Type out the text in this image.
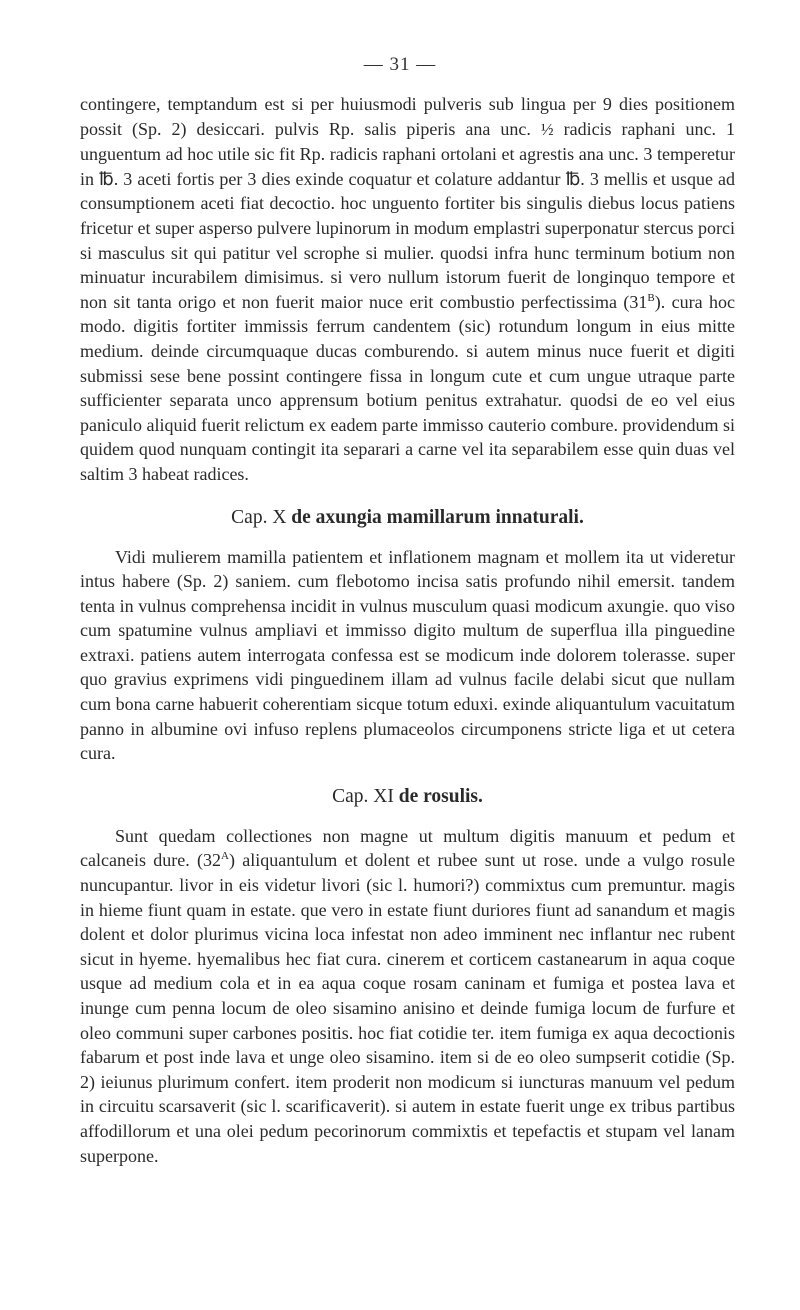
— 31 —

contingere, temptandum est si per huiusmodi pulveris sub lingua per 9 dies positionem possit (Sp. 2) desiccari. pulvis Rp. salis piperis ana unc. ½ radicis raphani unc. 1 unguentum ad hoc utile sic fit Rp. radicis raphani ortolani et agrestis ana unc. 3 temperetur in ℔. 3 aceti fortis per 3 dies exinde coquatur et colature addantur ℔. 3 mellis et usque ad consumptionem aceti fiat decoctio. hoc unguento fortiter bis singulis diebus locus patiens fricetur et super asperso pulvere lupinorum in modum emplastri superponatur stercus porci si masculus sit qui patitur vel scrophe si mulier. quodsi infra hunc terminum botium non minuatur incurabilem dimisimus. si vero nullum istorum fuerit de longinquo tempore et non sit tanta origo et non fuerit maior nuce erit combustio perfectissima $(31^B)$. cura hoc modo. digitis fortiter immissis ferrum candentem (sic) rotundum longum in eius mitte medium. deinde circumquaque ducas comburendo. si autem minus nuce fuerit et digiti submissi sese bene possint contingere fissa in longum cute et cum ungue utraque parte sufficienter separata unco apprensum botium penitus extrahatur. quodsi de eo vel eius paniculo aliquid fuerit relictum ex eadem parte immisso cauterio combure. providendum si quidem quod nunquam contingit ita separari a carne vel ita separabilem esse quin duas vel saltim 3 habeat radices.

Cap. X de axungia mamillarum innaturali.

Vidi mulierem mamilla patientem et inflationem magnam et mollem ita ut videretur intus habere (Sp. 2) saniem. cum flebotomo incisa satis profundo nihil emersit. tandem tenta in vulnus comprehensa incidit in vulnus musculum quasi modicum axungie. quo viso cum spatumine vulnus ampliavi et immisso digito multum de superflua illa pinguedine extraxi. patiens autem interrogata confessa est se modicum inde dolorem tolerasse. super quo gravius exprimens vidi pinguedinem illam ad vulnus facile delabi sicut que nullam cum bona carne habuerit coherentiam sicque totum eduxi. exinde aliquantulum vacuitatum panno in albumine ovi infuso replens plumaceolos circumponens stricte liga et ut cetera cura.

Cap. XI de rosulis.

Sunt quedam collectiones non magne ut multum digitis manuum et pedum et calcaneis dure. $(32^A)$ aliquantulum et dolent et rubee sunt ut rose. unde a vulgo rosule nuncupantur. livor in eis videtur livori (sic l. humori?) commixtus cum premuntur. magis in hieme fiunt quam in estate. que vero in estate fiunt duriores fiunt ad sanandum et magis dolent et dolor plurimus vicina loca infestat non adeo imminent nec inflantur nec rubent sicut in hyeme. hyemalibus hec fiat cura. cinerem et corticem castanearum in aqua coque usque ad medium cola et in ea aqua coque rosam caninam et fumiga et postea lava et inunge cum penna locum de oleo sisamino anisino et deinde fumiga locum de furfure et oleo communi super carbones positis. hoc fiat cotidie ter. item fumiga ex aqua decoctionis fabarum et post inde lava et unge oleo sisamino. item si de eo oleo sumpserit cotidie (Sp. 2) ieiunus plurimum confert. item proderit non modicum si iuncturas manuum vel pedum in circuitu scarsaverit (sic l. scarificaverit). si autem in estate fuerit unge ex tribus partibus affodillorum et una olei pedum pecorinorum commixtis et tepefactis et stupam vel lanam superpone.
